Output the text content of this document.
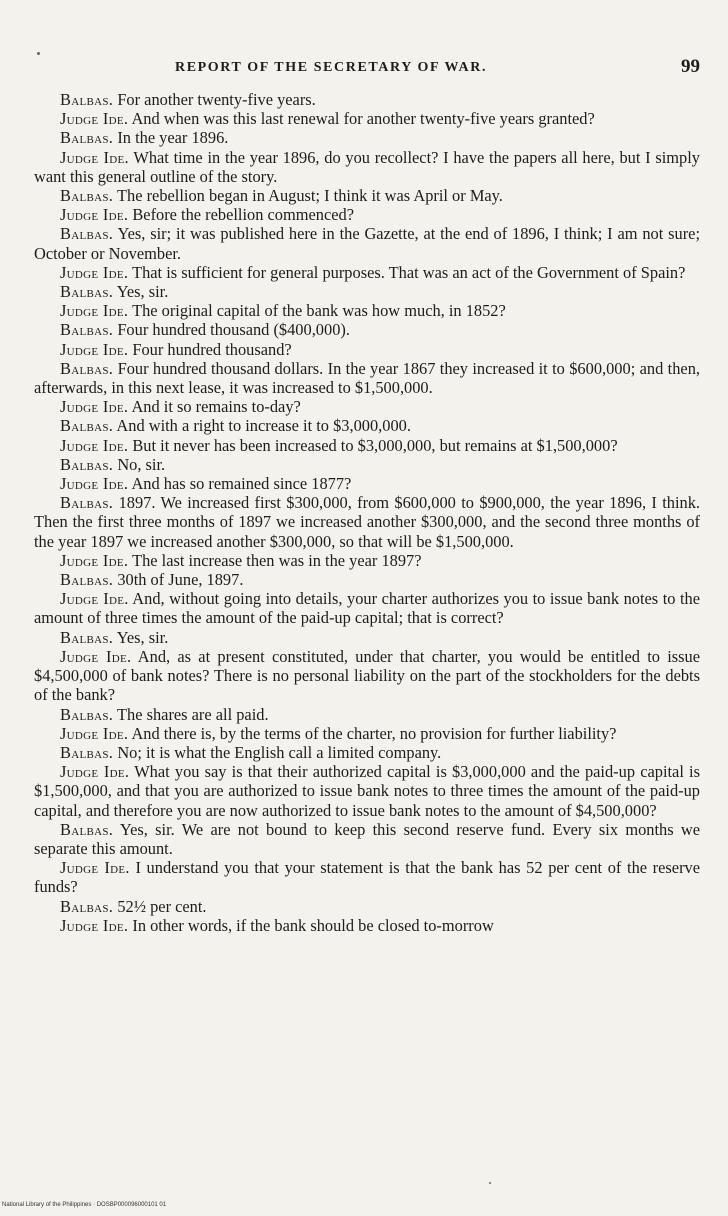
REPORT OF THE SECRETARY OF WAR.	99

Balbas. For another twenty-five years.

Judge Ide. And when was this last renewal for another twenty-five years granted?

Balbas. In the year 1896.

Judge Ide. What time in the year 1896, do you recollect? I have the papers all here, but I simply want this general outline of the story.

Balbas. The rebellion began in August; I think it was April or May.

Judge Ide. Before the rebellion commenced?

Balbas. Yes, sir; it was published here in the Gazette, at the end of 1896, I think; I am not sure; October or November.

Judge Ide. That is sufficient for general purposes. That was an act of the Government of Spain?

Balbas. Yes, sir.

Judge Ide. The original capital of the bank was how much, in 1852?

Balbas. Four hundred thousand ($400,000).

Judge Ide. Four hundred thousand?

Balbas. Four hundred thousand dollars. In the year 1867 they increased it to $600,000; and then, afterwards, in this next lease, it was increased to $1,500,000.

Judge Ide. And it so remains to-day?

Balbas. And with a right to increase it to $3,000,000.

Judge Ide. But it never has been increased to $3,000,000, but remains at $1,500,000?

Balbas. No, sir.

Judge Ide. And has so remained since 1877?

Balbas. 1897. We increased first $300,000, from $600,000 to $900,000, the year 1896, I think. Then the first three months of 1897 we increased another $300,000, and the second three months of the year 1897 we increased another $300,000, so that will be $1,500,000.

Judge Ide. The last increase then was in the year 1897?

Balbas. 30th of June, 1897.

Judge Ide. And, without going into details, your charter authorizes you to issue bank notes to the amount of three times the amount of the paid-up capital; that is correct?

Balbas. Yes, sir.

Judge Ide. And, as at present constituted, under that charter, you would be entitled to issue $4,500,000 of bank notes? There is no personal liability on the part of the stockholders for the debts of the bank?

Balbas. The shares are all paid.

Judge Ide. And there is, by the terms of the charter, no provision for further liability?

Balbas. No; it is what the English call a limited company.

Judge Ide. What you say is that their authorized capital is $3,000,000 and the paid-up capital is $1,500,000, and that you are authorized to issue bank notes to three times the amount of the paid-up capital, and therefore you are now authorized to issue bank notes to the amount of $4,500,000?

Balbas. Yes, sir. We are not bound to keep this second reserve fund. Every six months we separate this amount.

Judge Ide. I understand you that your statement is that the bank has 52 per cent of the reserve funds?

Balbas. 52½ per cent.

Judge Ide. In other words, if the bank should be closed to-morrow

National Library of the Philippines · DOSBP000096000101 01
